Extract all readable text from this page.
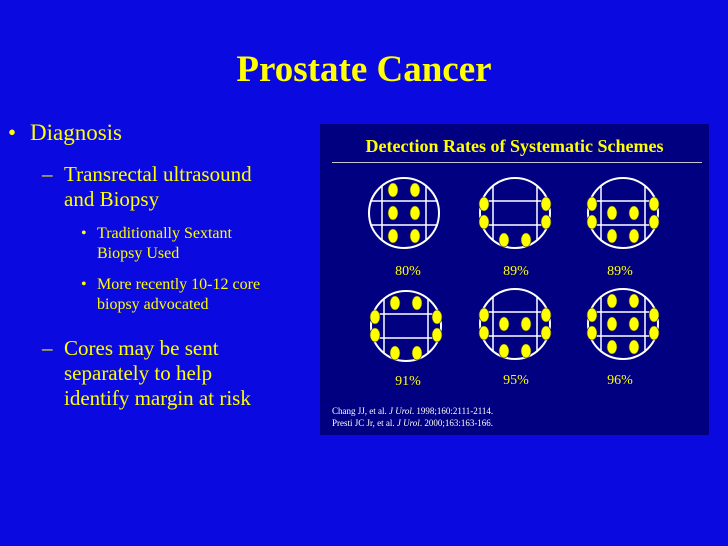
Prostate Cancer
• Diagnosis
– Transrectal ultrasound
and Biopsy
• Traditionally Sextant
Biopsy Used
• More recently 10-12 core
biopsy advocated
– Cores may be sent
separately to help
identify margin at risk
Detection Rates of Systematic Schemes
80%	89%	89%
91%	95%	96%
Chang JJ, et al. J Urol. 1998;160:2111-2114.
Presti JC Jr, et al. J Urol. 2000;163:163-166.
